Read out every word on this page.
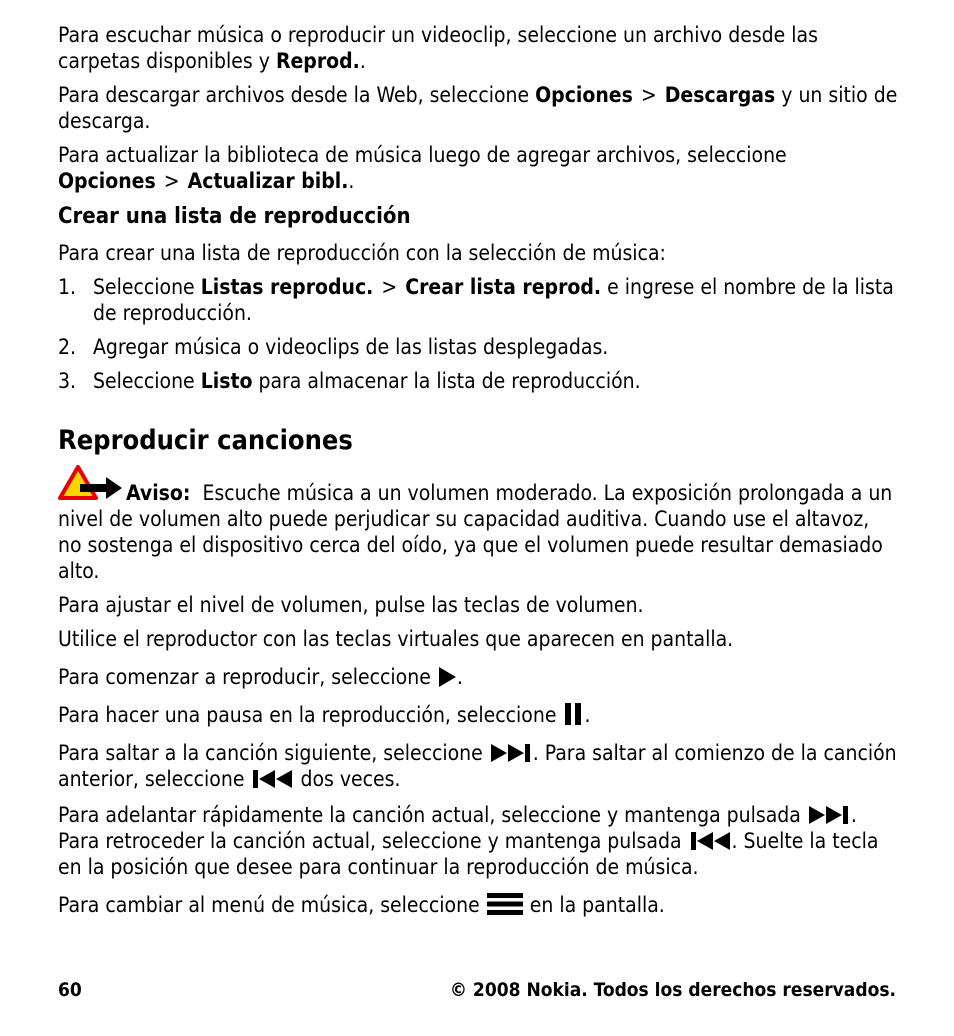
Para escuchar música o reproducir un videoclip, seleccione un archivo desde las carpetas disponibles y Reprod..

Para descargar archivos desde la Web, seleccione Opciones > Descargas y un sitio de descarga.

Para actualizar la biblioteca de música luego de agregar archivos, seleccione Opciones > Actualizar bibl..

Crear una lista de reproducción

Para crear una lista de reproducción con la selección de música:

1. Seleccione Listas reproduc. > Crear lista reprod. e ingrese el nombre de la lista de reproducción.
2. Agregar música o videoclips de las listas desplegadas.
3. Seleccione Listo para almacenar la lista de reproducción.
Reproducir canciones

Aviso: Escuche música a un volumen moderado. La exposición prolongada a un nivel de volumen alto puede perjudicar su capacidad auditiva. Cuando use el altavoz, no sostenga el dispositivo cerca del oído, ya que el volumen puede resultar demasiado alto.

Para ajustar el nivel de volumen, pulse las teclas de volumen.

Utilice el reproductor con las teclas virtuales que aparecen en pantalla.

Para comenzar a reproducir, seleccione .

Para hacer una pausa en la reproducción, seleccione .

Para saltar a la canción siguiente, seleccione . Para saltar al comienzo de la canción anterior, seleccione  dos veces.

Para adelantar rápidamente la canción actual, seleccione y mantenga pulsada . Para retroceder la canción actual, seleccione y mantenga pulsada . Suelte la tecla en la posición que desee para continuar la reproducción de música.

Para cambiar al menú de música, seleccione  en la pantalla.

60	© 2008 Nokia. Todos los derechos reservados.
